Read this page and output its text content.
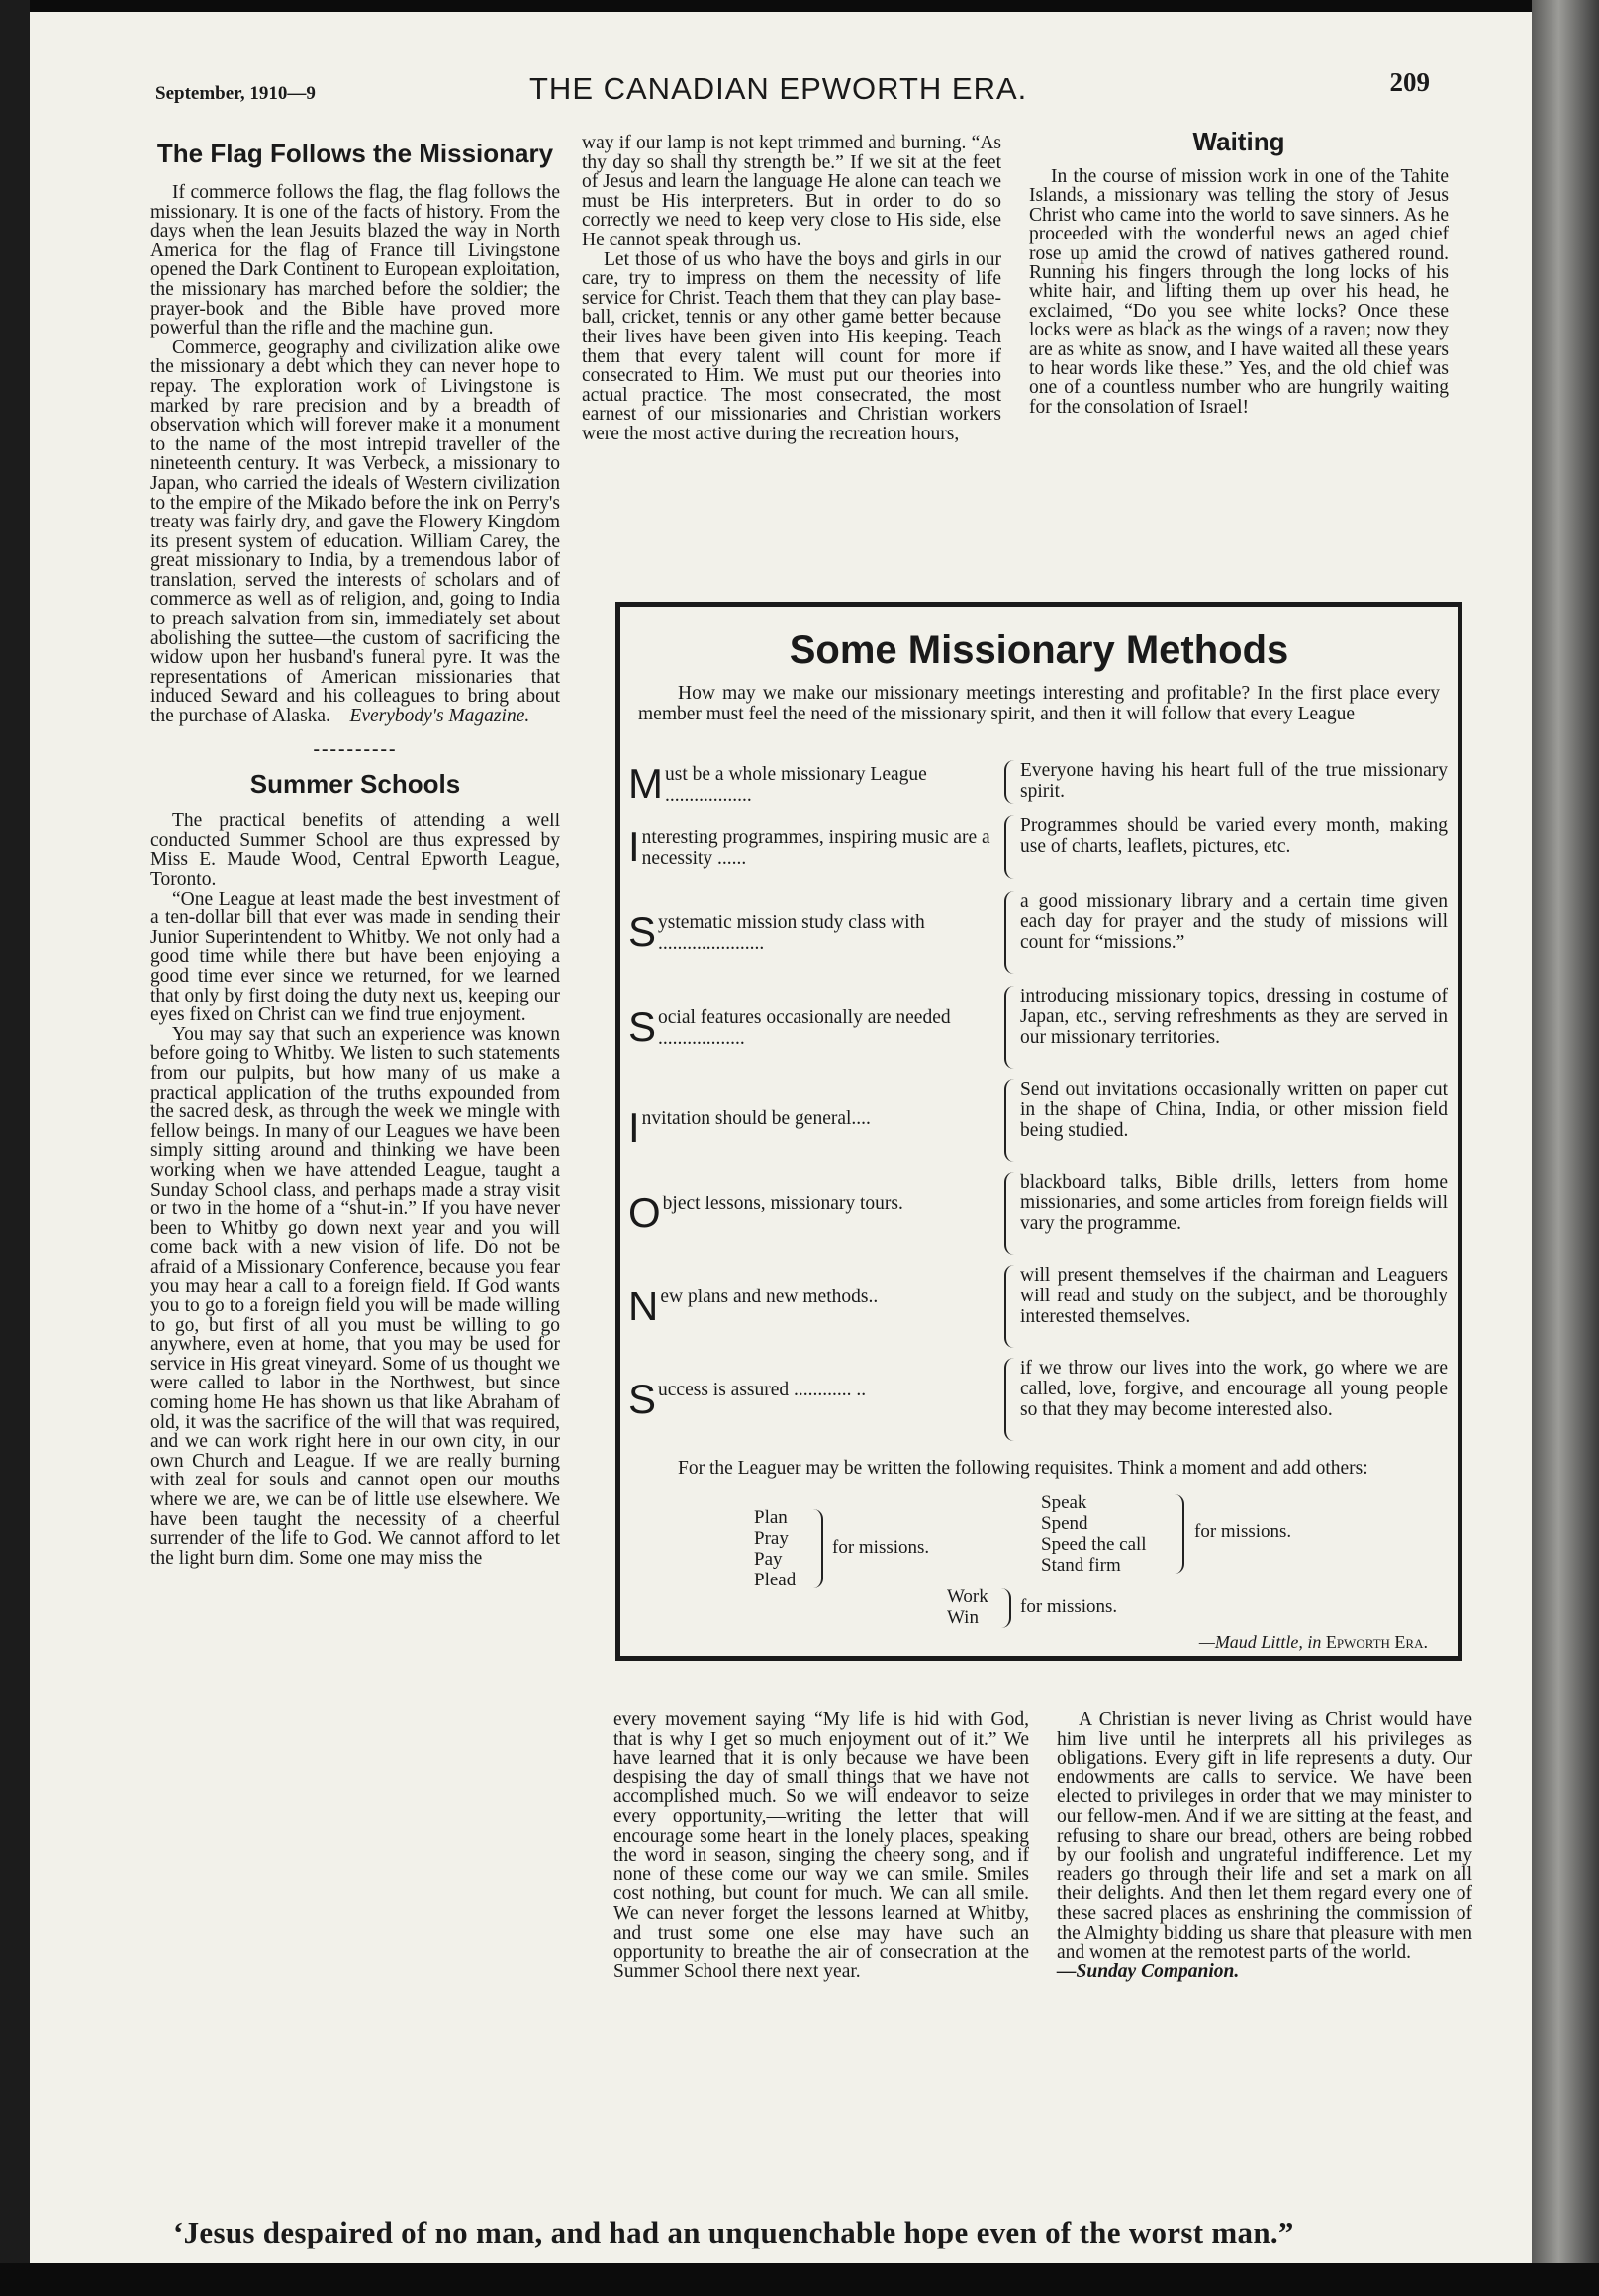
September, 1910—9	THE CANADIAN EPWORTH ERA.	209
The Flag Follows the Missionary

If commerce follows the flag, the flag follows the missionary. It is one of the facts of history. From the days when the lean Jesuits blazed the way in North America for the flag of France till Livingstone opened the Dark Continent to European exploitation, the missionary has marched before the soldier; the prayer-book and the Bible have proved more powerful than the rifle and the machine gun.

Commerce, geography and civilization alike owe the missionary a debt which they can never hope to repay. The exploration work of Livingstone is marked by rare precision and by a breadth of observation which will forever make it a monument to the name of the most intrepid traveller of the nineteenth century. It was Verbeck, a missionary to Japan, who carried the ideals of Western civilization to the empire of the Mikado before the ink on Perry's treaty was fairly dry, and gave the Flowery Kingdom its present system of education. William Carey, the great missionary to India, by a tremendous labor of translation, served the interests of scholars and of commerce as well as of religion, and, going to India to preach salvation from sin, immediately set about abolishing the suttee—the custom of sacrificing the widow upon her husband's funeral pyre. It was the representations of American missionaries that induced Seward and his colleagues to bring about the purchase of Alaska.—Everybody's Magazine.

----------
Summer Schools

The practical benefits of attending a well conducted Summer School are thus expressed by Miss E. Maude Wood, Central Epworth League, Toronto.

“One League at least made the best investment of a ten-dollar bill that ever was made in sending their Junior Superintendent to Whitby. We not only had a good time while there but have been enjoying a good time ever since we returned, for we learned that only by first doing the duty next us, keeping our eyes fixed on Christ can we find true enjoyment.

You may say that such an experience was known before going to Whitby. We listen to such statements from our pulpits, but how many of us make a practical application of the truths expounded from the sacred desk, as through the week we mingle with fellow beings. In many of our Leagues we have been simply sitting around and thinking we have been working when we have attended League, taught a Sunday School class, and perhaps made a stray visit or two in the home of a “shut-in.” If you have never been to Whitby go down next year and you will come back with a new vision of life. Do not be afraid of a Missionary Conference, because you fear you may hear a call to a foreign field. If God wants you to go to a foreign field you will be made willing to go, but first of all you must be willing to go anywhere, even at home, that you may be used for service in His great vineyard. Some of us thought we were called to labor in the Northwest, but since coming home He has shown us that like Abraham of old, it was the sacrifice of the will that was required, and we can work right here in our own city, in our own Church and League. If we are really burning with zeal for souls and cannot open our mouths where we are, we can be of little use elsewhere. We have been taught the necessity of a cheerful surrender of the life to God. We cannot afford to let the light burn dim. Some one may miss the

way if our lamp is not kept trimmed and burning. “As thy day so shall thy strength be.” If we sit at the feet of Jesus and learn the language He alone can teach we must be His interpreters. But in order to do so correctly we need to keep very close to His side, else He cannot speak through us.

Let those of us who have the boys and girls in our care, try to impress on them the necessity of life service for Christ. Teach them that they can play base-ball, cricket, tennis or any other game better because their lives have been given into His keeping. Teach them that every talent will count for more if consecrated to Him. We must put our theories into actual practice. The most consecrated, the most earnest of our missionaries and Christian workers were the most active during the recreation hours,

Waiting

In the course of mission work in one of the Tahite Islands, a missionary was telling the story of Jesus Christ who came into the world to save sinners. As he proceeded with the wonderful news an aged chief rose up amid the crowd of natives gathered round. Running his fingers through the long locks of his white hair, and lifting them up over his head, he exclaimed, “Do you see white locks? Once these locks were as black as the wings of a raven; now they are as white as snow, and I have waited all these years to hear words like these.” Yes, and the old chief was one of a countless number who are hungrily waiting for the consolation of Israel!

Some Missionary Methods
How may we make our missionary meetings interesting and profitable? In the first place every member must feel the need of the missionary spirit, and then it will follow that every League
Must be a whole missionary League ..................
Everyone having his heart full of the true missionary spirit.
Interesting programmes, inspiring music are a necessity ......
Programmes should be varied every month, making use of charts, leaflets, pictures, etc.
Systematic mission study class with ......................
a good missionary library and a certain time given each day for prayer and the study of missions will count for “missions.”
Social features occasionally are needed ..................
introducing missionary topics, dressing in costume of Japan, etc., serving refreshments as they are served in our missionary territories.
Invitation should be general....
Send out invitations occasionally written on paper cut in the shape of China, India, or other mission field being studied.
Object lessons, missionary tours.
blackboard talks, Bible drills, letters from home missionaries, and some articles from foreign fields will vary the programme.
New plans and new methods..
will present themselves if the chairman and Leaguers will read and study on the subject, and be thoroughly interested themselves.
Success is assured ............ ..
if we throw our lives into the work, go where we are called, love, forgive, and encourage all young people so that they may become interested also.
For the Leaguer may be written the following requisites. Think a moment and add others:
Plan
Pray
Pay
Plead
for missions.
Speak
Spend
Speed the call
Stand firm
for missions.
Work
Win
for missions.
—Maud Little, in Epworth Era.

every movement saying “My life is hid with God, that is why I get so much enjoyment out of it.” We have learned that it is only because we have been despising the day of small things that we have not accomplished much. So we will endeavor to seize every opportunity,—writing the letter that will encourage some heart in the lonely places, speaking the word in season, singing the cheery song, and if none of these come our way we can smile. Smiles cost nothing, but count for much. We can all smile. We can never forget the lessons learned at Whitby, and trust some one else may have such an opportunity to breathe the air of consecration at the Summer School there next year.

A Christian is never living as Christ would have him live until he interprets all his privileges as obligations. Every gift in life represents a duty. Our endowments are calls to service. We have been elected to privileges in order that we may minister to our fellow-men. And if we are sitting at the feast, and refusing to share our bread, others are being robbed by our foolish and ungrateful indifference. Let my readers go through their life and set a mark on all their delights. And then let them regard every one of these sacred places as enshrining the commission of the Almighty bidding us share that pleasure with men and women at the remotest parts of the world.
—Sunday Companion.

‘Jesus despaired of no man, and had an unquenchable hope even of the worst man.”
